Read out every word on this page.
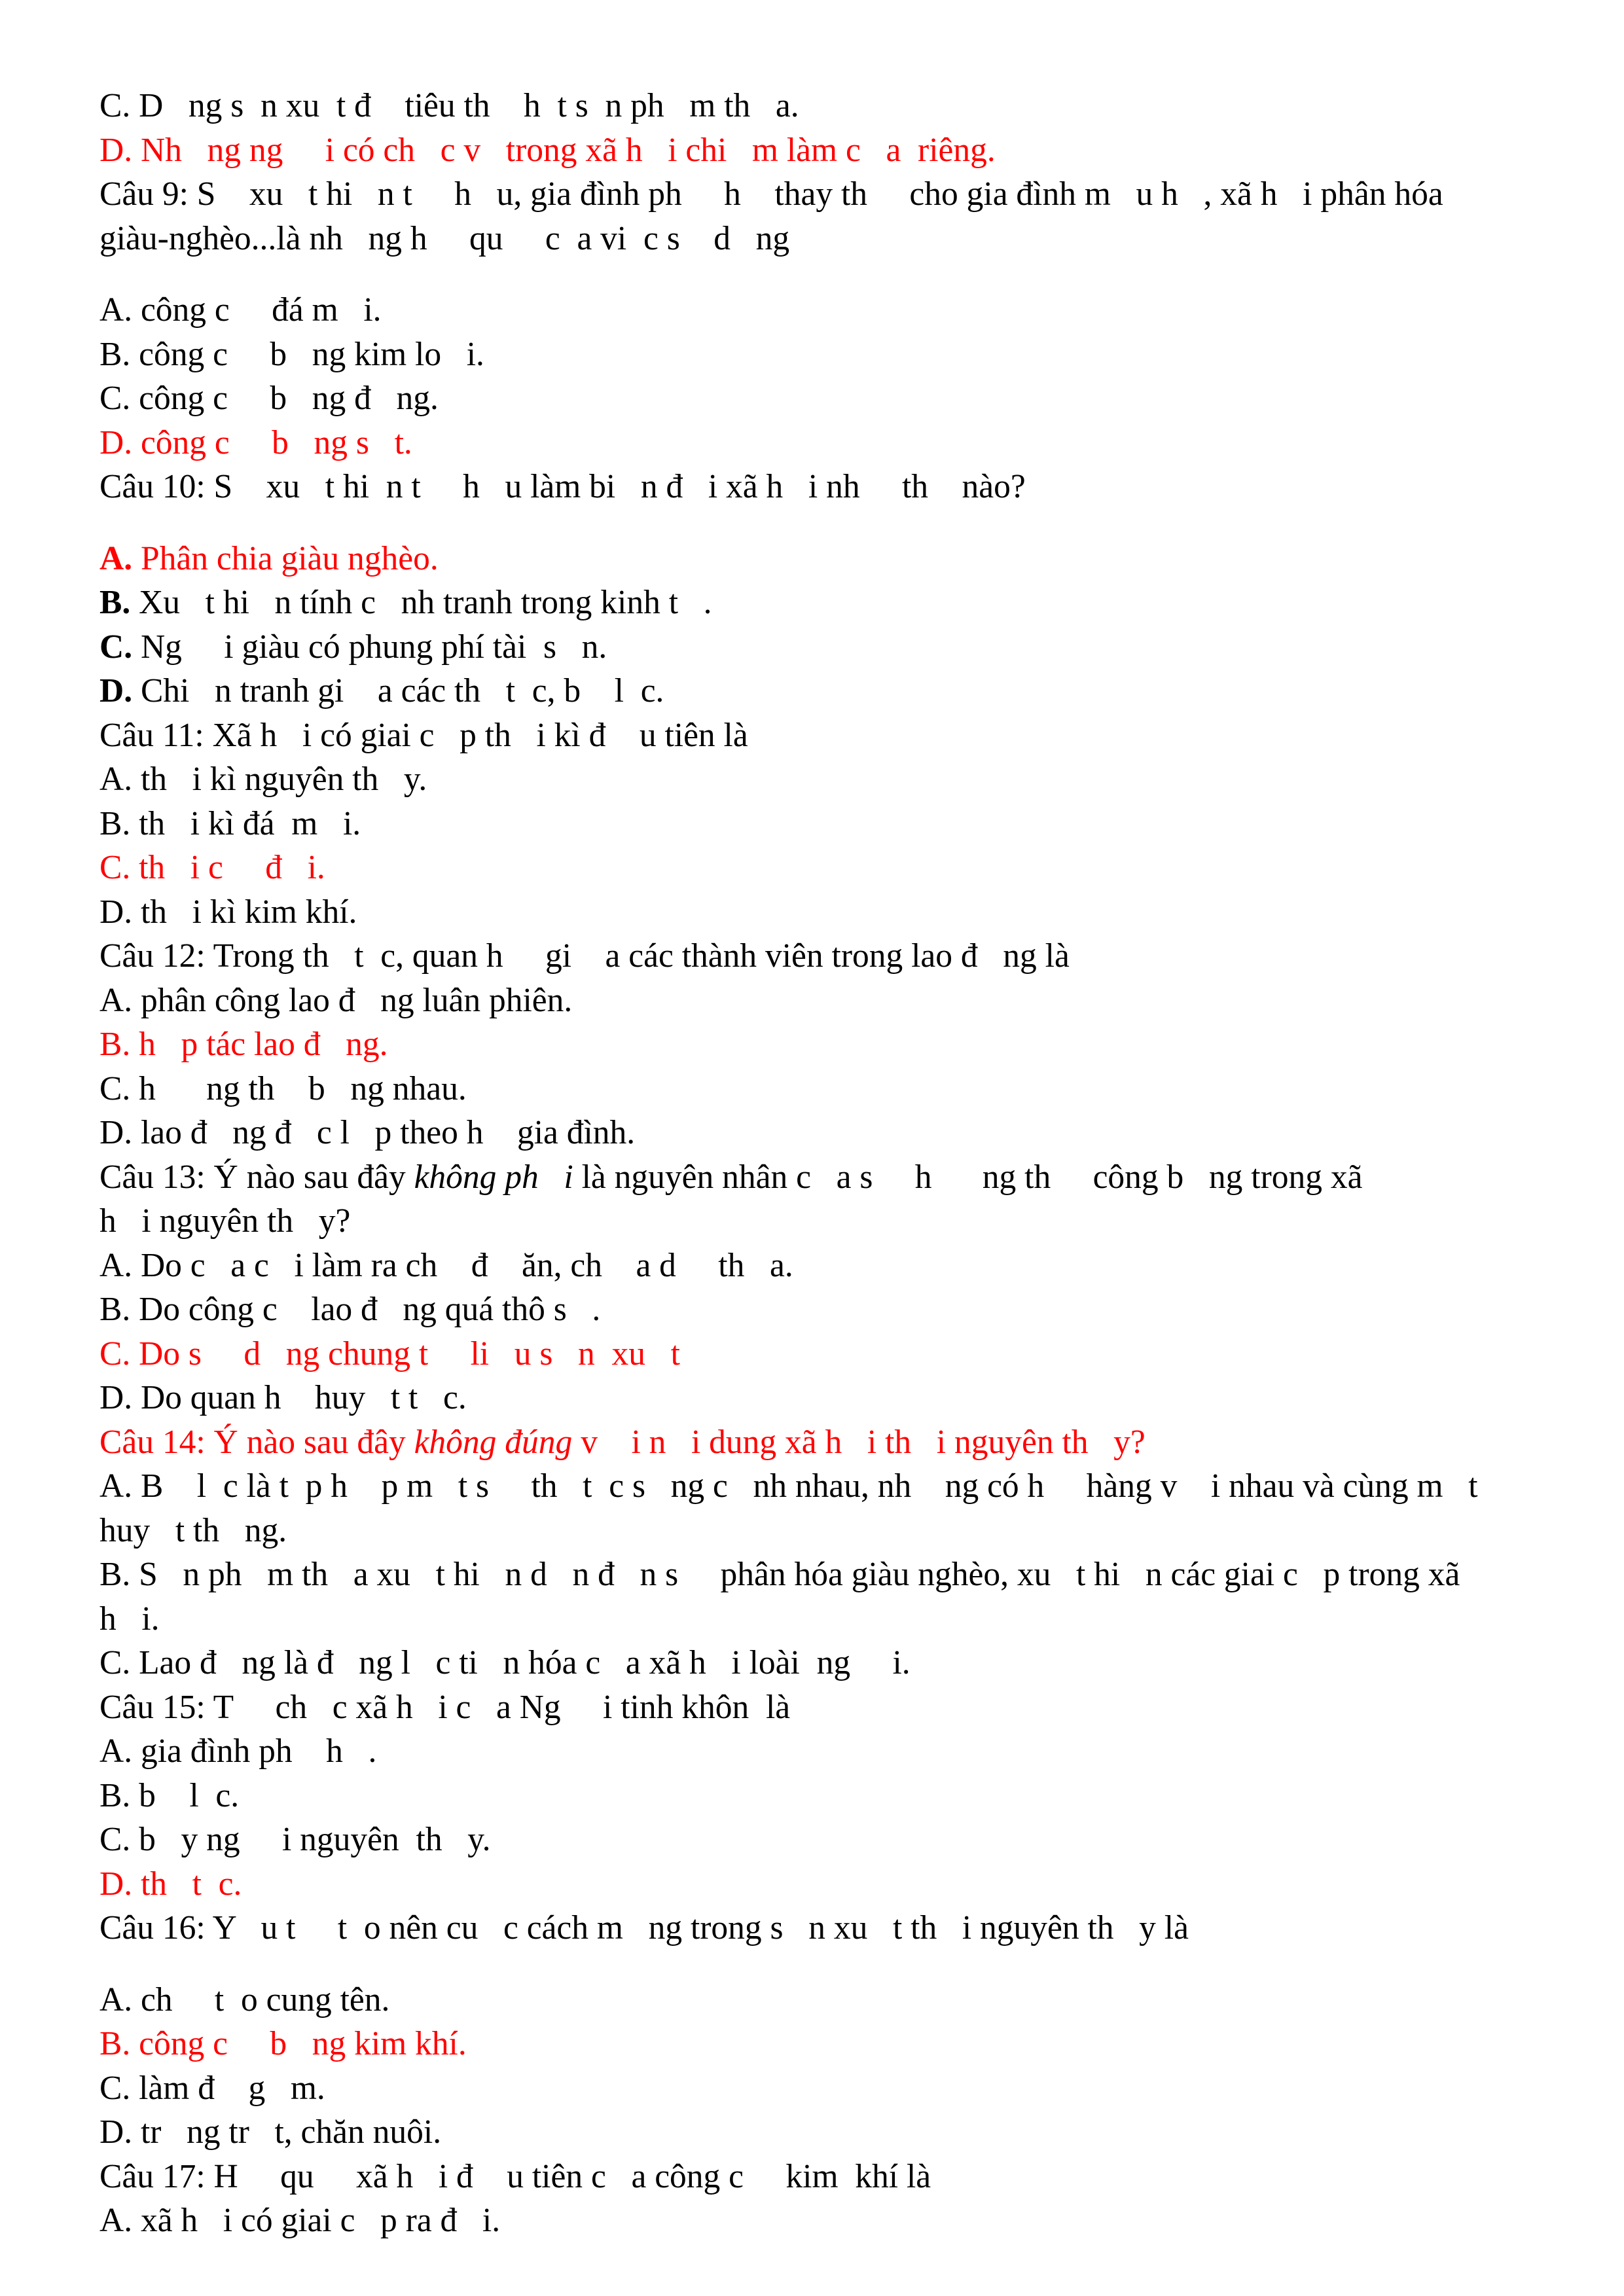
C. D   ng s  n xu  t đ    tiêu th    h  t s  n ph   m th   a.
D. Nh   ng ng     i có ch   c v   trong xã h   i chi   m làm c   a  riêng.
Câu 9: S    xu   t hi   n t     h   u, gia đình ph     h    thay th     cho gia đình m   u h   , xã h   i phân hóa
giàu-nghèo...là nh   ng h     qu     c  a vi  c s    d   ng
A. công c     đá m   i.
B. công c     b   ng kim lo   i.
C. công c     b   ng đ   ng.
D. công c     b   ng s   t.
Câu 10: S    xu   t hi  n t     h   u làm bi   n đ   i xã h   i nh     th    nào?
A. Phân chia giàu nghèo.
B. Xu   t hi   n tính c   nh tranh trong kinh t   .
C. Ng     i giàu có phung phí tài  s   n.
D. Chi   n tranh gi    a các th   t  c, b    l  c.
Câu 11: Xã h   i có giai c   p th   i kì đ    u tiên là
A. th   i kì nguyên th   y.
B. th   i kì đá  m   i.
C. th   i c     đ   i.
D. th   i kì kim khí.
Câu 12: Trong th   t  c, quan h     gi    a các thành viên trong lao đ   ng là
A. phân công lao đ   ng luân phiên.
B. h   p tác lao đ   ng.
C. h      ng th    b   ng nhau.
D. lao đ   ng đ   c l   p theo h    gia đình.
Câu 13: Ý nào sau đây không ph   i là nguyên nhân c   a s     h      ng th     công b   ng trong xã
h   i nguyên th   y?
A. Do c   a c   i làm ra ch    đ    ăn, ch    a d     th   a.
B. Do công c    lao đ   ng quá thô s   .
C. Do s     d   ng chung t     li   u s   n  xu   t
D. Do quan h    huy   t t   c.
Câu 14: Ý nào sau đây không đúng v    i n   i dung xã h   i th   i nguyên th   y?
A. B    l  c là t  p h    p m   t s     th   t  c s   ng c   nh nhau, nh    ng có h     hàng v    i nhau và cùng m   t
huy   t th   ng.
B. S   n ph   m th   a xu   t hi   n d   n đ   n s     phân hóa giàu nghèo, xu   t hi   n các giai c   p trong xã
h   i.
C. Lao đ   ng là đ   ng l   c ti   n hóa c   a xã h   i loài  ng     i.
Câu 15: T     ch   c xã h   i c   a Ng     i tinh khôn  là
A. gia đình ph    h   .
B. b    l  c.
C. b   y ng     i nguyên  th   y.
D. th   t  c.
Câu 16: Y   u t     t  o nên cu   c cách m   ng trong s   n xu   t th   i nguyên th   y là
A. ch     t  o cung tên.
B. công c     b   ng kim khí.
C. làm đ    g   m.
D. tr   ng tr   t, chăn nuôi.
Câu 17: H     qu     xã h   i đ    u tiên c   a công c     kim  khí là
A. xã h   i có giai c   p ra đ   i.
